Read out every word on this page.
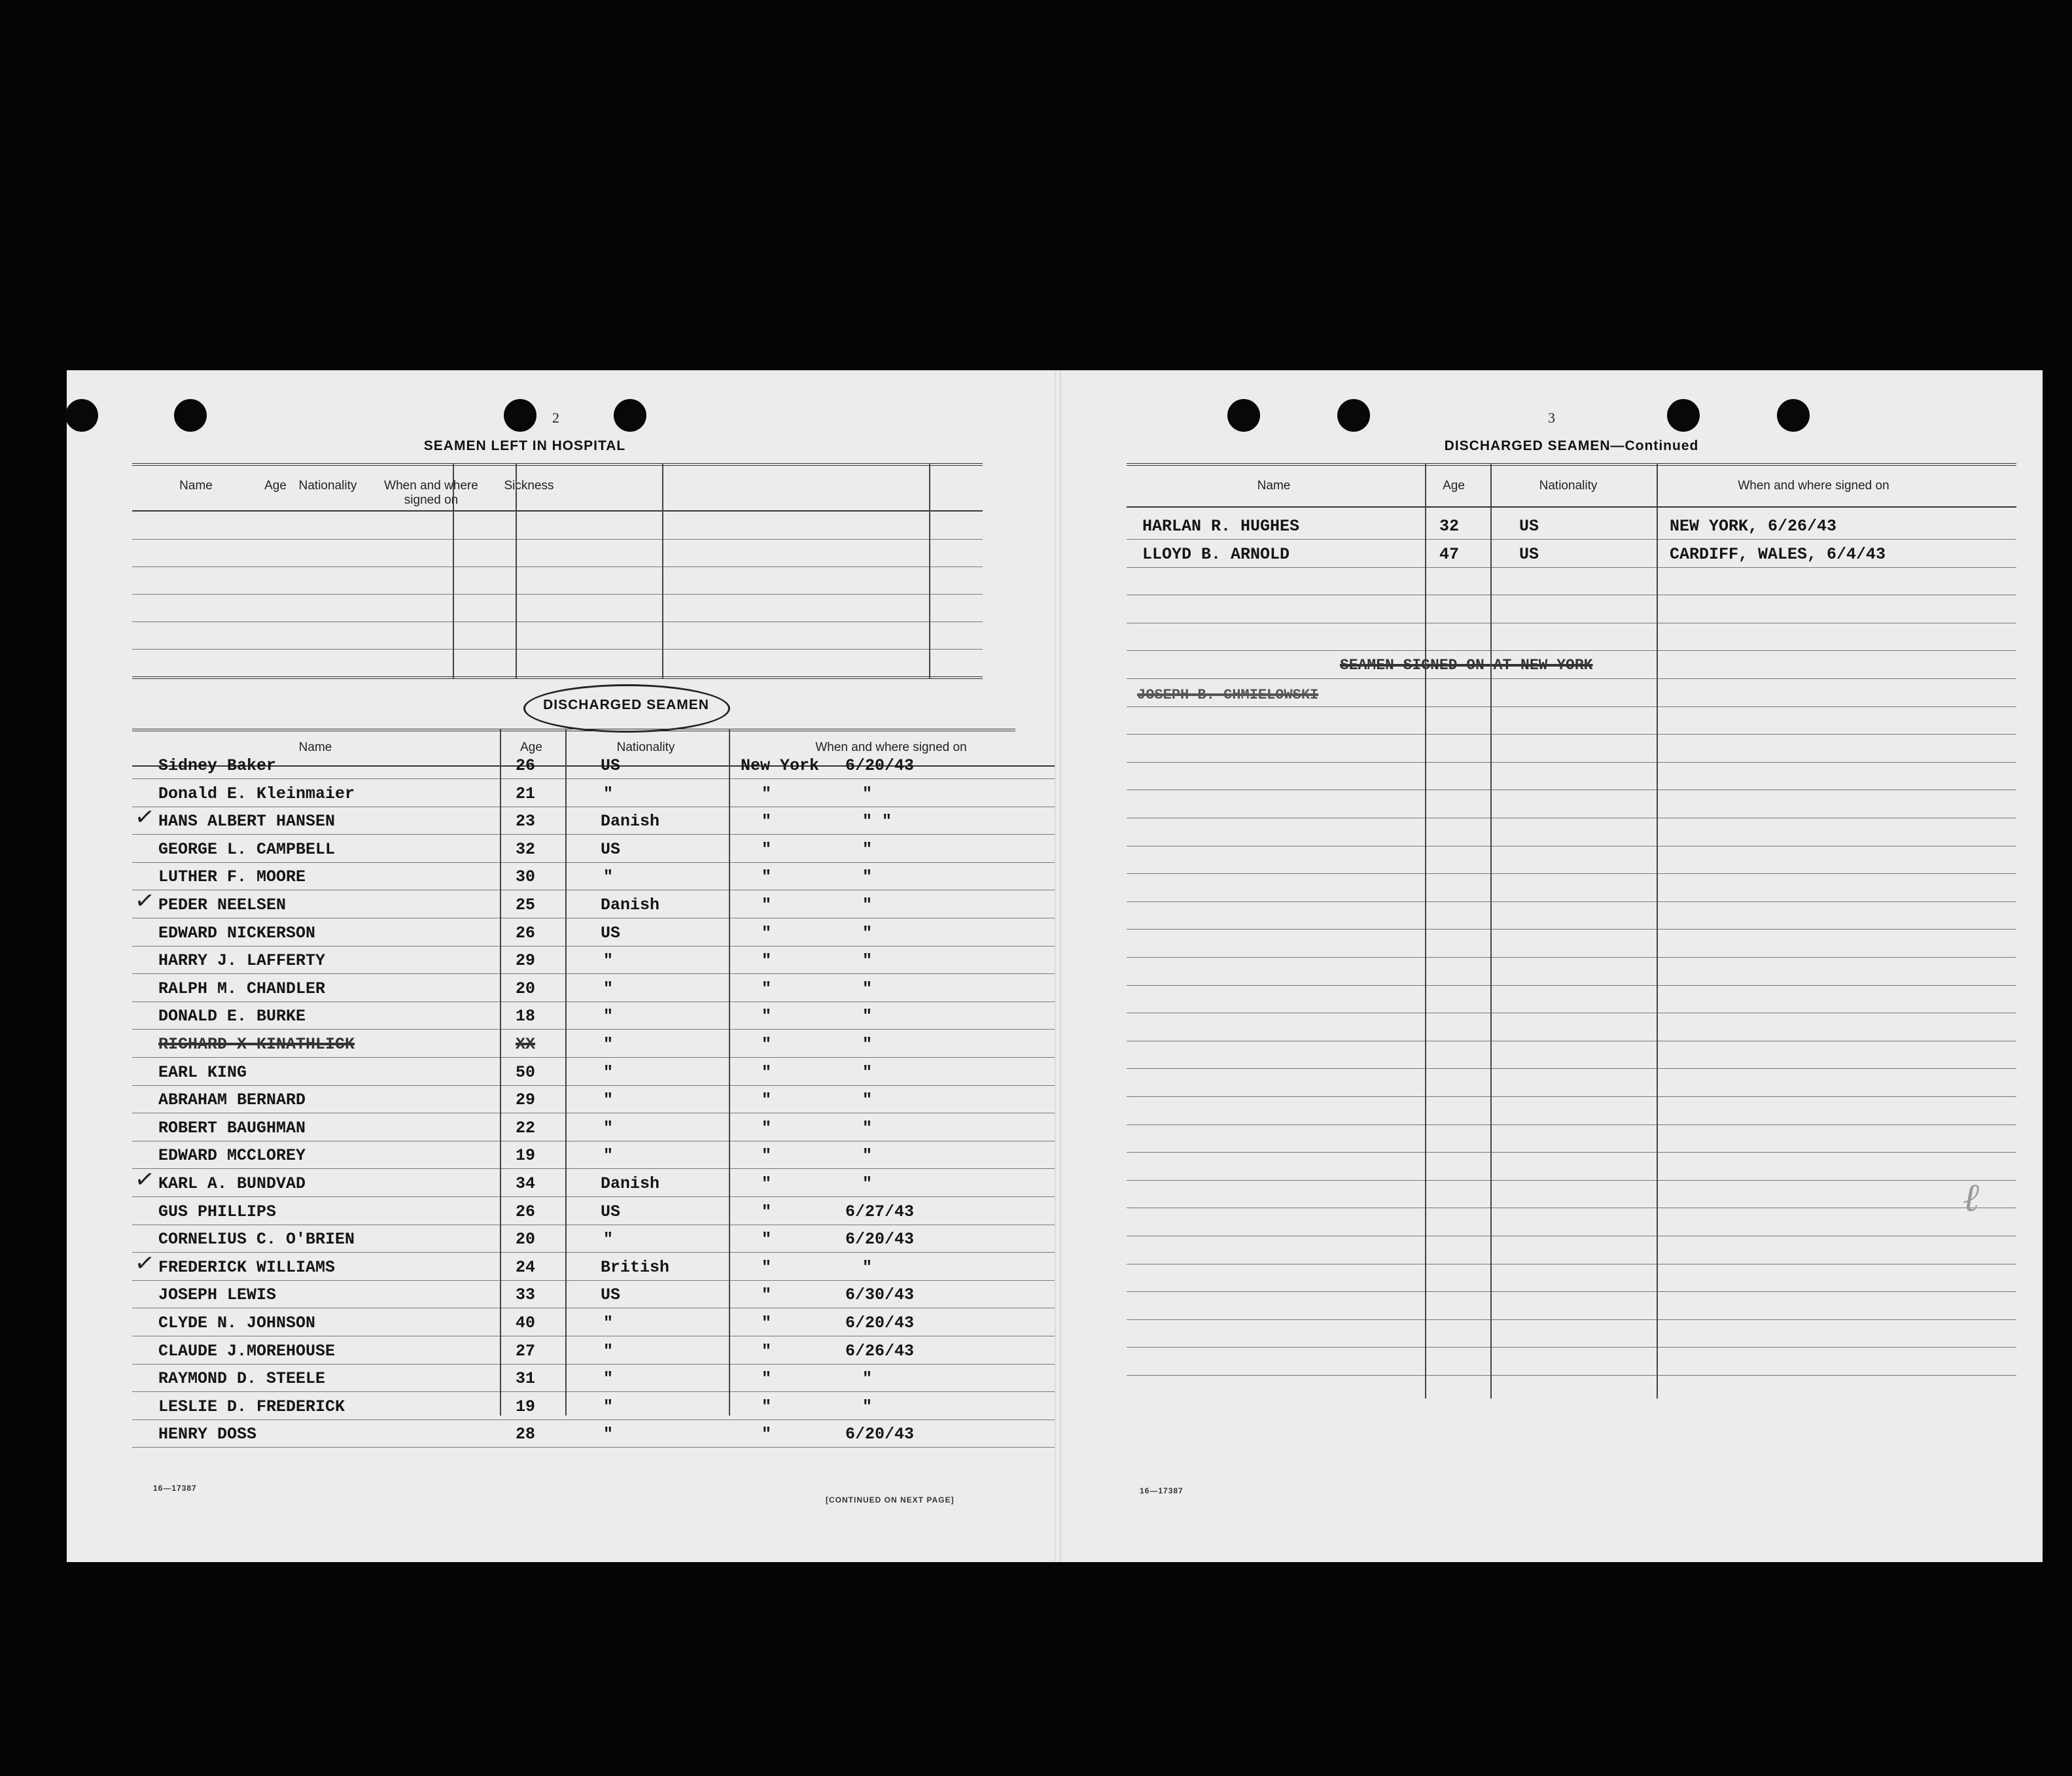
2
SEAMEN LEFT IN HOSPITAL
Name	Age Nationality	When and where signed on
Sickness
DISCHARGED SEAMEN
Name	Age	Nationality	When and where signed on
Sidney Baker	26	US	New York 6/20/43
Donald E. Kleinmaier	21	"	"	"
HANS ALBERT HANSEN	23	Danish	"	" "
✓
GEORGE L. CAMPBELL	32	US	"	"
LUTHER F. MOORE	30	"	"	"
PEDER NEELSEN	25	Danish	"	"
✓
EDWARD NICKERSON	26	US	"	"
HARRY J. LAFFERTY	29	"	"	"
RALPH M. CHANDLER	20	"	"	"
DONALD E. BURKE	18	"	"	"
RICHARD X KINATHLICK	XX	"	"	"
EARL KING	50	"	"	"
ABRAHAM BERNARD	29	"	"	"
ROBERT BAUGHMAN	22	"	"	"
EDWARD MCCLOREY	19	"	"	"
KARL A. BUNDVAD	34	Danish	"	"
✓
GUS PHILLIPS	26	US	"	6/27/43
CORNELIUS C. O'BRIEN	20	"	"	6/20/43
FREDERICK WILLIAMS	24	British	"	"
✓
JOSEPH LEWIS	33	US	"	6/30/43
CLYDE N. JOHNSON	40	"	"	6/20/43
CLAUDE J.MOREHOUSE	27	"	"	6/26/43
RAYMOND D. STEELE	31	"	"	"
LESLIE D. FREDERICK	19	"	"	"
HENRY DOSS	28	"	"	6/20/43
16—17387
[CONTINUED ON NEXT PAGE]
3
DISCHARGED SEAMEN—Continued
Name	Age	Nationality	When and where signed on
HARLAN R. HUGHES	32	US	NEW YORK, 6/26/43
LLOYD B. ARNOLD	47	US	CARDIFF, WALES, 6/4/43
SEAMEN SIGNED ON AT NEW YORK
JOSEPH B. CHMIELOWSKI
ℓ
16—17387
